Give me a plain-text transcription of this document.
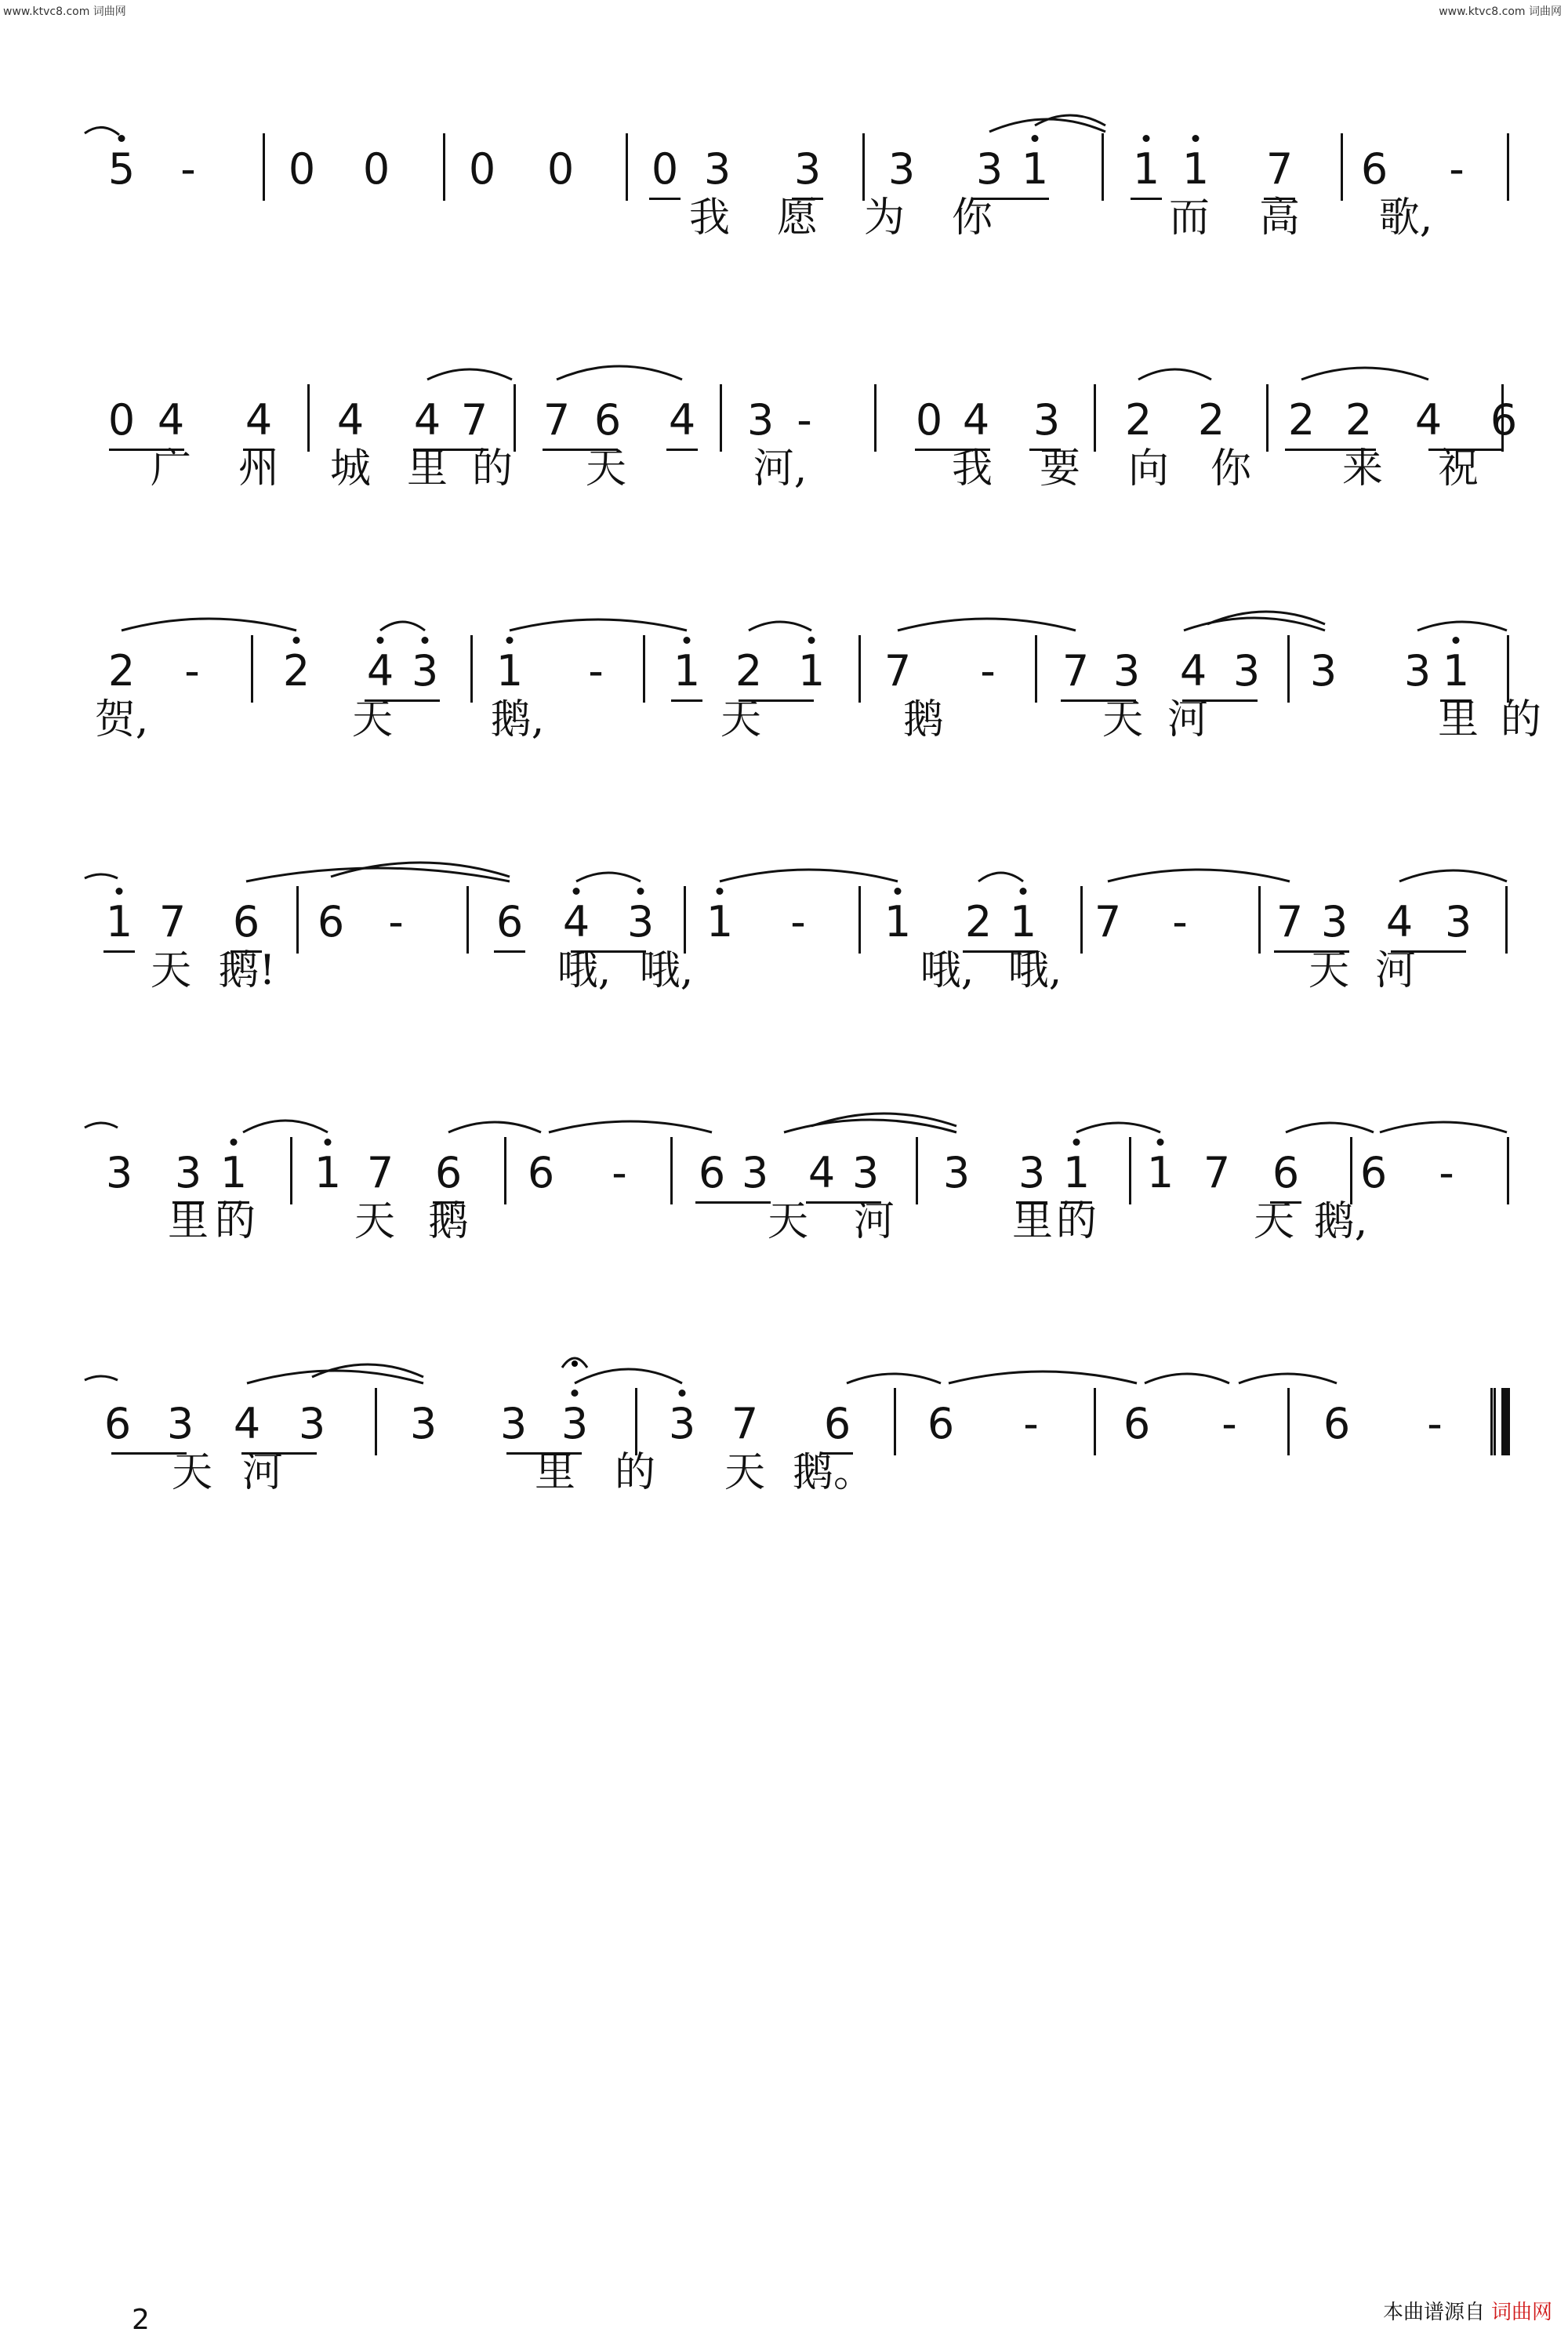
www.ktvc8.com 词曲网	www.ktvc8.com 词曲网
5 - 0 0 0 0 0 3 3 3 3 1 1 1 7 6 -
我 愿 为 你	而 高 歌,
0 4 4 4 4 7 7 6 4 3 - 0 4 3 2 2 2 2 4 6
广 州 城 里 的 天	河,	我 要 向 你 来 祝
2 - 2 4 3 1 - 1 2 1 7 - 7 3 4 3 3 3 1
贺,	天 鹅,	天	鹅	天 河	里 的
1 7 6 6 - 6 4 3 1 - 1 2 1 7 - 7 3 4 3
天 鹅!	哦, 哦,	哦, 哦,	天 河
3 3 1 1 7 6 6 - 6 3 4 3 3 3 1 1 7 6 6 -
里 的 天 鹅	天 河	里 的	天 鹅,
6 3 4 3 3 3 3 3 7 6 6 - 6 - 6 -
天 河	里 的 天 鹅。
2	本曲谱源自 词曲网
